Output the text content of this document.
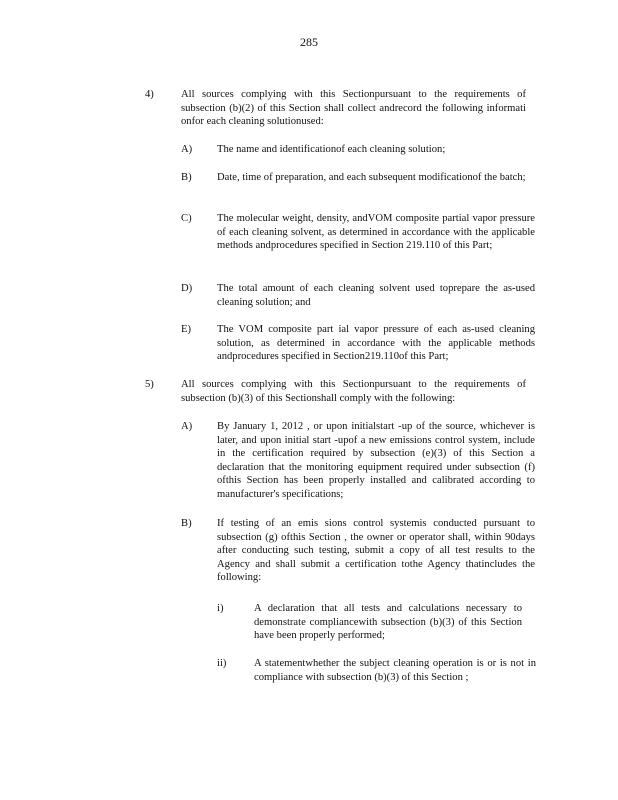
285
4)	All sources complying with this Sectionpursuant to the requirements of subsection (b)(2) of this Section shall collect andrecord the following informati onfor each cleaning solutionused:
A) The name and identificationof each cleaning solution;
B) Date, time of preparation, and each subsequent modificationof the batch;
C) The molecular weight, density, andVOM composite partial vapor pressure of each cleaning solvent, as determined in accordance with the applicable methods andprocedures specified in Section 219.110 of this Part;
D) The total amount of each cleaning solvent used toprepare the as-used cleaning solution; and
E) The VOM composite part ial vapor pressure of each as-used cleaning solution, as determined in accordance with the applicable methods andprocedures specified in Section219.110of this Part;
5)	All sources complying with this Sectionpursuant to the requirements of subsection (b)(3) of this Sectionshall comply with the following:
A) By January 1, 2012 , or upon initialstart -up of the source, whichever is later, and upon initial start -upof a new emissions control system, include in the certification required by subsection (e)(3) of this Section a declaration that the monitoring equipment required under subsection (f) ofthis Section has been properly installed and calibrated according to manufacturer's specifications;
B) If testing of an emis sions control systemis conducted pursuant to subsection (g) ofthis Section , the owner or operator shall, within 90days after conducting such testing, submit a copy of all test results to the Agency and shall submit a certification tothe Agency thatincludes the following:
i)	A declaration that all tests and calculations necessary to demonstrate compliancewith subsection (b)(3) of this Section have been properly performed;
ii)	A statementwhether the subject cleaning operation is or is not in compliance with subsection (b)(3) of this Section ;
